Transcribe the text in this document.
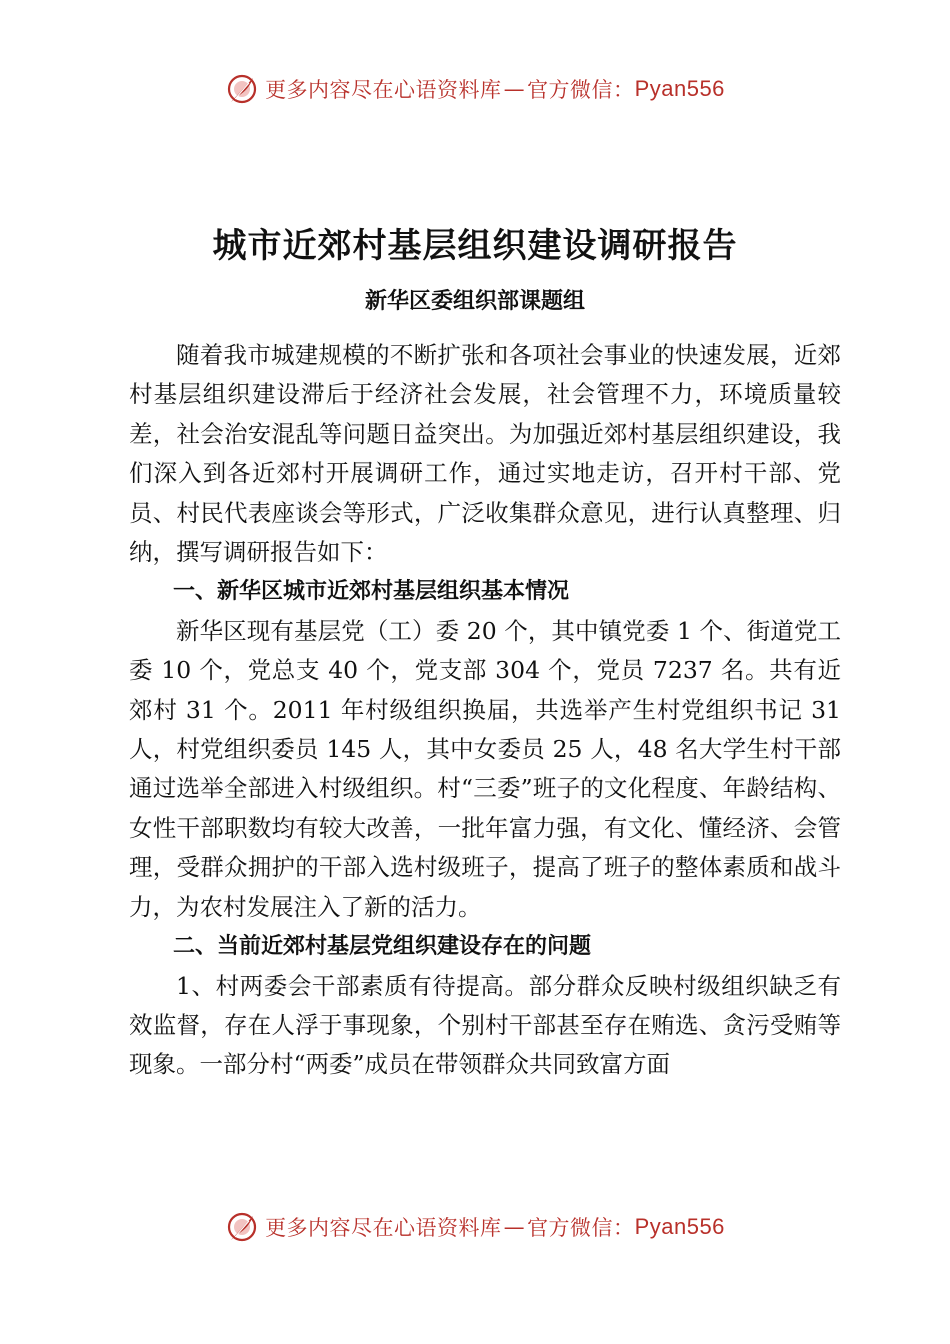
更多内容尽在心语资料库 — 官方微信： Pyan556
城市近郊村基层组织建设调研报告
新华区委组织部课题组

随着我市城建规模的不断扩张和各项社会事业的快速发展，近郊村基层组织建设滞后于经济社会发展，社会管理不力，环境质量较差，社会治安混乱等问题日益突出。为加强近郊村基层组织建设，我们深入到各近郊村开展调研工作，通过实地走访，召开村干部、党员、村民代表座谈会等形式，广泛收集群众意见，进行认真整理、归纳，撰写调研报告如下：

一、新华区城市近郊村基层组织基本情况

新华区现有基层党（工）委 20 个，其中镇党委 1 个、街道党工委 10 个，党总支 40 个，党支部 304 个，党员 7237 名。共有近郊村 31 个。2011 年村级组织换届，共选举产生村党组织书记 31 人，村党组织委员 145 人，其中女委员 25 人，48 名大学生村干部通过选举全部进入村级组织。村“三委”班子的文化程度、年龄结构、女性干部职数均有较大改善，一批年富力强，有文化、懂经济、会管理，受群众拥护的干部入选村级班子，提高了班子的整体素质和战斗力，为农村发展注入了新的活力。

二、当前近郊村基层党组织建设存在的问题

1、村两委会干部素质有待提高。部分群众反映村级组织缺乏有效监督，存在人浮于事现象，个别村干部甚至存在贿选、贪污受贿等现象。一部分村“两委”成员在带领群众共同致富方面

更多内容尽在心语资料库 — 官方微信： Pyan556
